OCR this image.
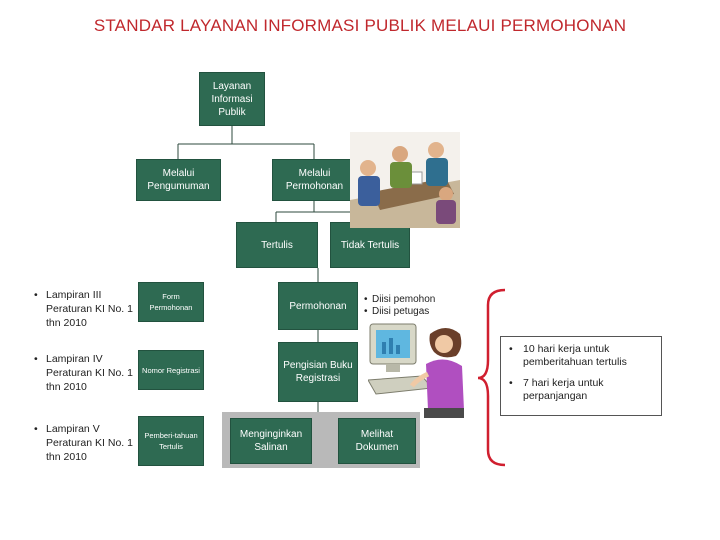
STANDAR LAYANAN INFORMASI PUBLIK MELAUI PERMOHONAN
Layanan Informasi Publik
Melalui Pengumuman
Melalui Permohonan
Tertulis	Tidak Tertulis
Permohonan
Pengisian Buku Registrasi
Menginginkan Salinan
Melihat Dokumen
Form Permohonan
Nomor Registrasi
Pemberi-tahuan Tertulis
• Lampiran III Peraturan KI No. 1 thn 2010
• Lampiran IV Peraturan KI No. 1 thn 2010
• Lampiran V Peraturan KI No. 1 thn 2010
• Diisi pemohon
• Diisi petugas
• 10 hari kerja untuk pemberitahuan tertulis
• 7 hari kerja untuk perpanjangan
